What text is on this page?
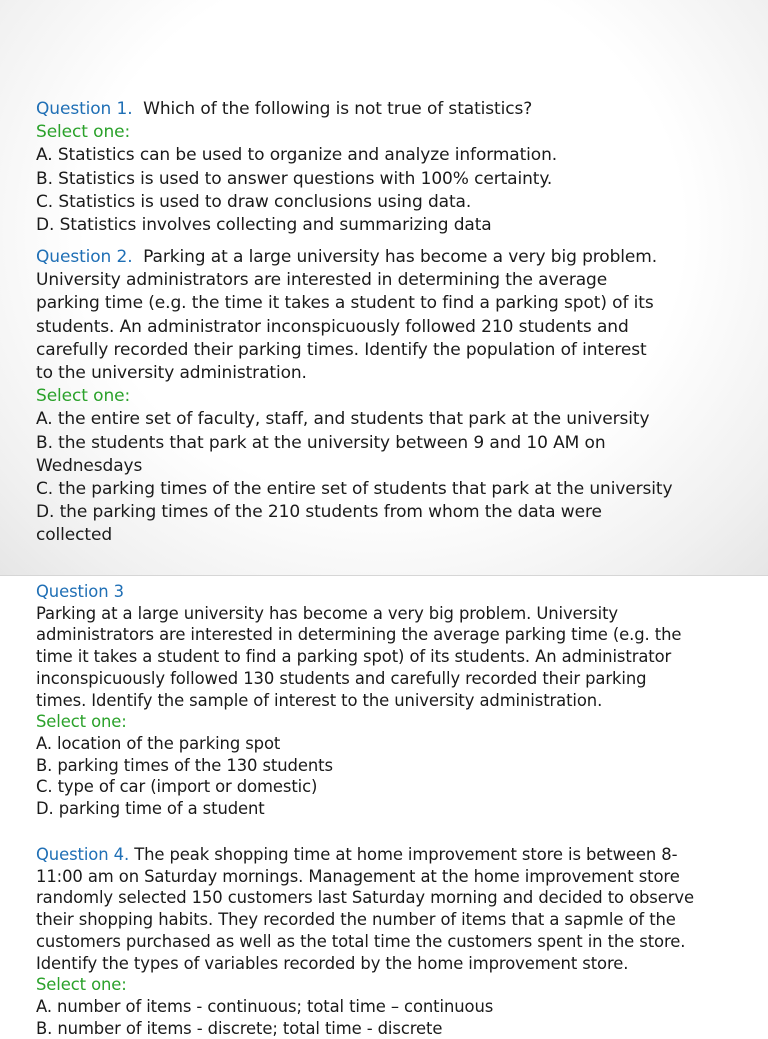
Question 1. Which of the following is not true of statistics?
Select one:
A. Statistics can be used to organize and analyze information.
B. Statistics is used to answer questions with 100% certainty.
C. Statistics is used to draw conclusions using data.
D. Statistics involves collecting and summarizing data
Question 2. Parking at a large university has become a very big problem.
University administrators are interested in determining the average
parking time (e.g. the time it takes a student to find a parking spot) of its
students. An administrator inconspicuously followed 210 students and
carefully recorded their parking times. Identify the population of interest
to the university administration.
Select one:
A. the entire set of faculty, staff, and students that park at the university
B. the students that park at the university between 9 and 10 AM on
Wednesdays
C. the parking times of the entire set of students that park at the university
D. the parking times of the 210 students from whom the data were
collected
Question 3
Parking at a large university has become a very big problem. University
administrators are interested in determining the average parking time (e.g. the
time it takes a student to find a parking spot) of its students. An administrator
inconspicuously followed 130 students and carefully recorded their parking
times. Identify the sample of interest to the university administration.
Select one:
A. location of the parking spot
B. parking times of the 130 students
C. type of car (import or domestic)
D. parking time of a student
Question 4. The peak shopping time at home improvement store is between 8-
11:00 am on Saturday mornings. Management at the home improvement store
randomly selected 150 customers last Saturday morning and decided to observe
their shopping habits. They recorded the number of items that a sapmle of the
customers purchased as well as the total time the customers spent in the store.
Identify the types of variables recorded by the home improvement store.
Select one:
A. number of items - continuous; total time – continuous
B. number of items - discrete; total time - discrete
